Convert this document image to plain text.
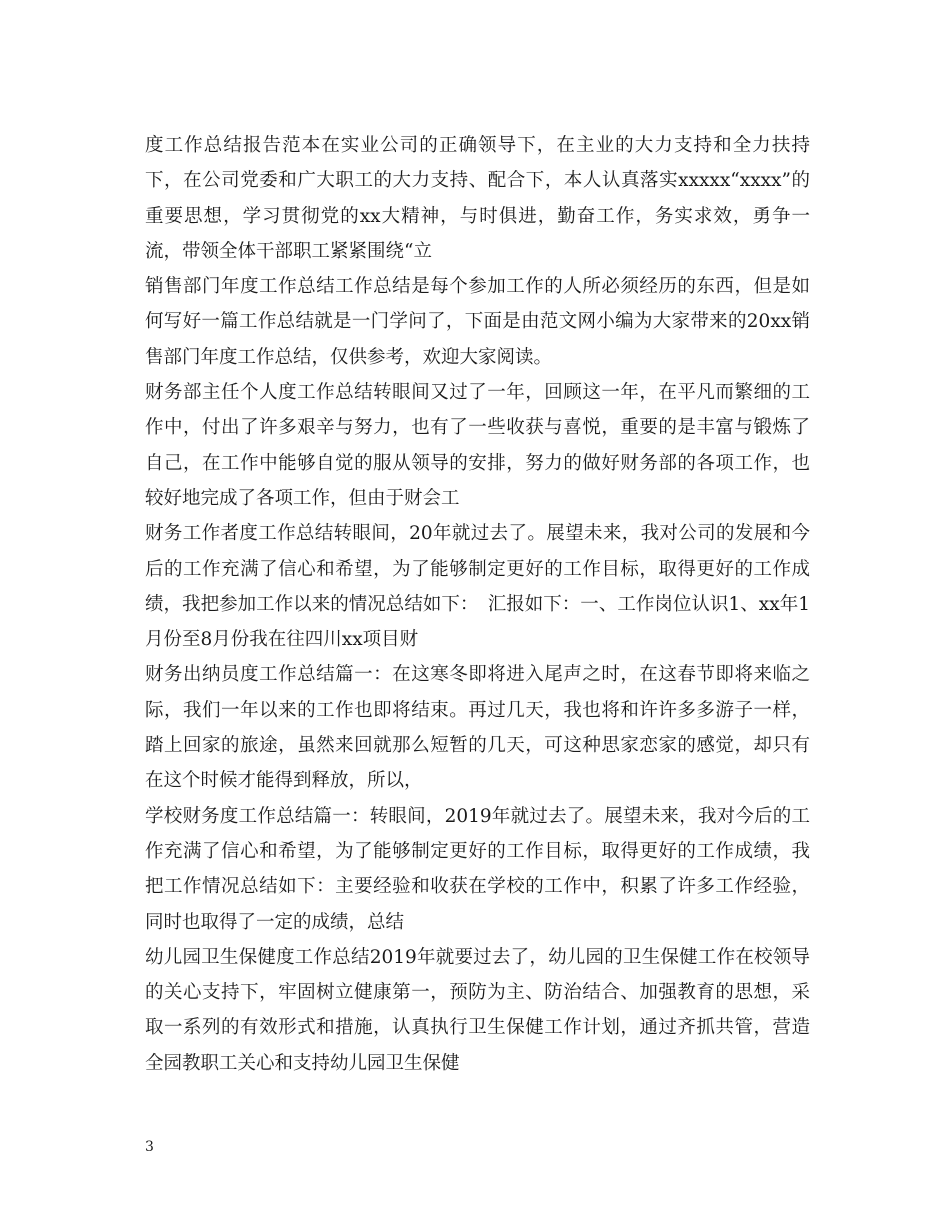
度工作总结报告范本在实业公司的正确领导下，在主业的大力支持和全力扶持下，在公司党委和广大职工的大力支持、配合下，本人认真落实xxxxx“xxxx”的重要思想，学习贯彻党的xx大精神，与时俱进，勤奋工作，务实求效，勇争一流，带领全体干部职工紧紧围绕“立

销售部门年度工作总结工作总结是每个参加工作的人所必须经历的东西，但是如何写好一篇工作总结就是一门学问了，下面是由范文网小编为大家带来的20xx销售部门年度工作总结，仅供参考，欢迎大家阅读。

财务部主任个人度工作总结转眼间又过了一年，回顾这一年，在平凡而繁细的工作中，付出了许多艰辛与努力，也有了一些收获与喜悦，重要的是丰富与锻炼了自己，在工作中能够自觉的服从领导的安排，努力的做好财务部的各项工作，也较好地完成了各项工作，但由于财会工

财务工作者度工作总结转眼间，20年就过去了。展望未来，我对公司的发展和今后的工作充满了信心和希望，为了能够制定更好的工作目标，取得更好的工作成绩，我把参加工作以来的情况总结如下：　汇报如下：一、工作岗位认识1、xx年1月份至8月份我在往四川xx项目财

财务出纳员度工作总结篇一：在这寒冬即将进入尾声之时，在这春节即将来临之际，我们一年以来的工作也即将结束。再过几天，我也将和许许多多游子一样，踏上回家的旅途，虽然来回就那么短暂的几天，可这种思家恋家的感觉，却只有在这个时候才能得到释放，所以，

学校财务度工作总结篇一：转眼间，2019年就过去了。展望未来，我对今后的工作充满了信心和希望，为了能够制定更好的工作目标，取得更好的工作成绩，我把工作情况总结如下：主要经验和收获在学校的工作中，积累了许多工作经验，同时也取得了一定的成绩，总结

幼儿园卫生保健度工作总结2019年就要过去了，幼儿园的卫生保健工作在校领导的关心支持下，牢固树立健康第一，预防为主、防治结合、加强教育的思想，采取一系列的有效形式和措施，认真执行卫生保健工作计划，通过齐抓共管，营造全园教职工关心和支持幼儿园卫生保健

3
